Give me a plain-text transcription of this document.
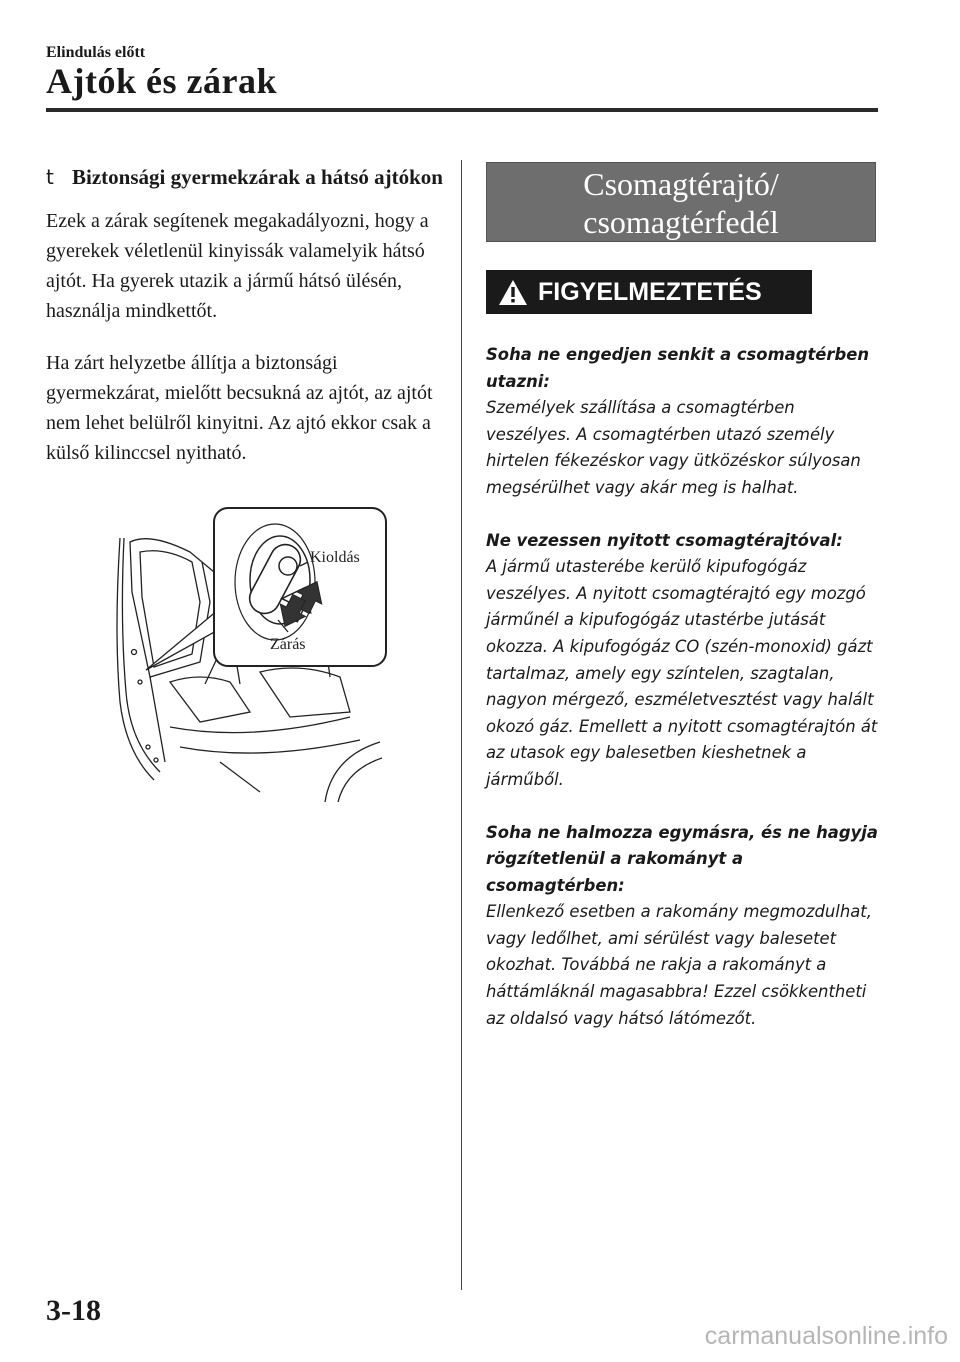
Elindulás előtt
Ajtók és zárak
t Biztonsági gyermekzárak a hátsó ajtókon

Ezek a zárak segítenek megakadályozni, hogy a gyerekek véletlenül kinyissák valamelyik hátsó ajtót. Ha gyerek utazik a jármű hátsó ülésén, használja mindkettőt.

Ha zárt helyzetbe állítja a biztonsági gyermekzárat, mielőtt becsukná az ajtót, az ajtót nem lehet belülről kinyitni. Az ajtó ekkor csak a külső kilinccsel nyitható.

Kioldás
Zárás
Csomagtérajtó/
csomagtérfedél
FIGYELMEZTETÉS
Soha ne engedjen senkit a csomagtérben utazni:
Személyek szállítása a csomagtérben veszélyes. A csomagtérben utazó személy hirtelen fékezéskor vagy ütközéskor súlyosan megsérülhet vagy akár meg is halhat.
Ne vezessen nyitott csomagtérajtóval:
A jármű utasterébe kerülő kipufogógáz veszélyes. A nyitott csomagtérajtó egy mozgó járműnél a kipufogógáz utastérbe jutását okozza. A kipufogógáz CO (szén-monoxid) gázt tartalmaz, amely egy színtelen, szagtalan, nagyon mérgező, eszméletvesztést vagy halált okozó gáz. Emellett a nyitott csomagtérajtón át az utasok egy balesetben kieshetnek a járműből.
Soha ne halmozza egymásra, és ne hagyja rögzítetlenül a rakományt a csomagtérben:
Ellenkező esetben a rakomány megmozdulhat, vagy ledőlhet, ami sérülést vagy balesetet okozhat. Továbbá ne rakja a rakományt a háttámláknál magasabbra! Ezzel csökkentheti az oldalsó vagy hátsó látómezőt.
3-18
carmanualsonline.info
